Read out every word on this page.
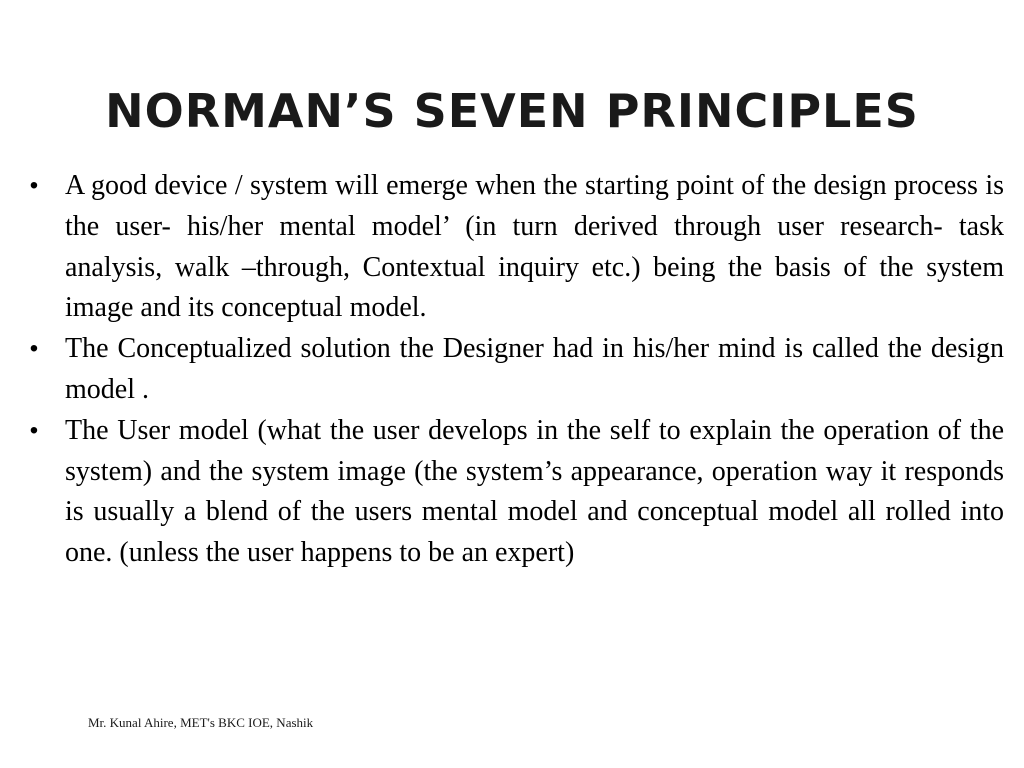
NORMAN’S SEVEN PRINCIPLES
• A good device / system will emerge when the starting point of the design process is the user- his/her mental model’ (in turn derived through user research- task analysis, walk –through, Contextual inquiry etc.) being the basis of the system image and its conceptual model.
• The Conceptualized solution the Designer had in his/her mind is called the design model .
• The User model (what the user develops in the self to explain the operation of the system) and the system image (the system’s appearance, operation way it responds is usually a blend of the users mental model and conceptual model all rolled into one. (unless the user happens to be an expert)
Mr. Kunal Ahire, MET's BKC IOE, Nashik
